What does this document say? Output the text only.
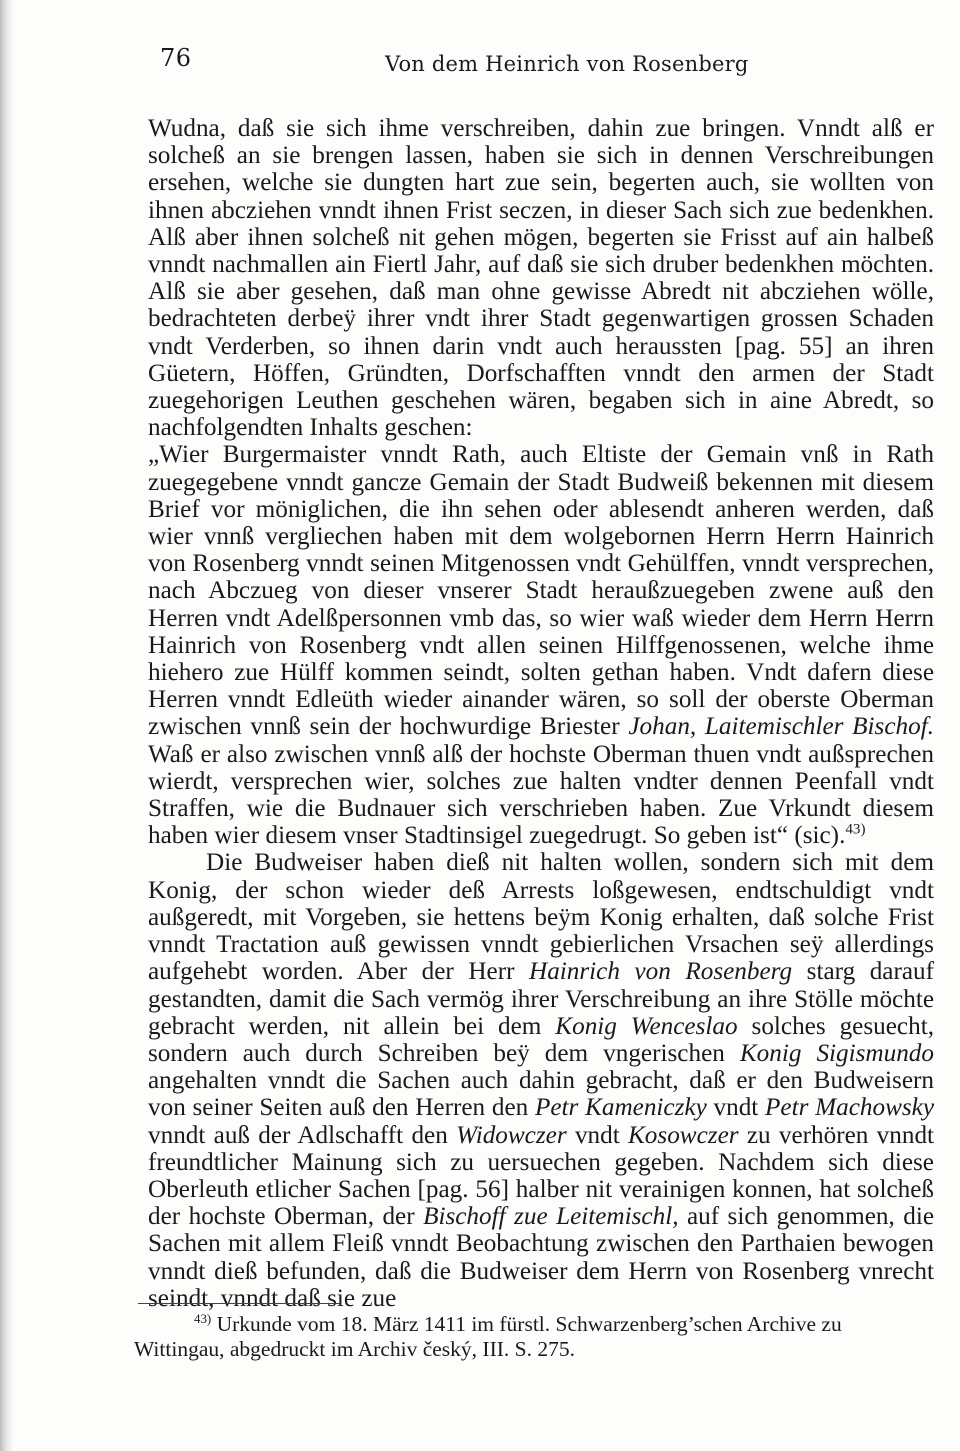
76	Von dem Heinrich von Rosenberg

Wudna, daß sie sich ihme verschreiben, dahin zue bringen. Vnndt alß er solcheß an sie brengen lassen, haben sie sich in dennen Verschreibungen ersehen, welche sie dungten hart zue sein, begerten auch, sie wollten von ihnen abcziehen vnndt ihnen Frist seczen, in dieser Sach sich zue bedenkhen. Alß aber ihnen solcheß nit gehen mögen, begerten sie Frisst auf ain halbeß vnndt nachmallen ain Fiertl Jahr, auf daß sie sich druber bedenkhen möchten. Alß sie aber gesehen, daß man ohne gewisse Abredt nit abcziehen wölle, bedrachteten derbeÿ ihrer vndt ihrer Stadt gegenwartigen grossen Schaden vndt Verderben, so ihnen darin vndt auch heraussten [pag. 55] an ihren Güetern, Höffen, Gründten, Dorfschafften vnndt den armen der Stadt zuegehorigen Leuthen geschehen wären, begaben sich in aine Abredt, so nachfolgendten Inhalts geschen:

„Wier Burgermaister vnndt Rath, auch Eltiste der Gemain vnß in Rath zuegegebene vnndt gancze Gemain der Stadt Budweiß bekennen mit diesem Brief vor möniglichen, die ihn sehen oder ablesendt anheren werden, daß wier vnnß vergliechen haben mit dem wolgebornen Herrn Herrn Hainrich von Rosenberg vnndt seinen Mitgenossen vndt Gehülffen, vnndt versprechen, nach Abczueg von dieser vnserer Stadt heraußzuegeben zwene auß den Herren vndt Adelßpersonnen vmb das, so wier waß wieder dem Herrn Herrn Hainrich von Rosenberg vndt allen seinen Hilffgenossenen, welche ihme hiehero zue Hülff kommen seindt, solten gethan haben. Vndt dafern diese Herren vnndt Edleüth wieder ainander wären, so soll der oberste Oberman zwischen vnnß sein der hochwurdige Briester Johan, Laitemischler Bischof. Waß er also zwischen vnnß alß der hochste Oberman thuen vndt außsprechen wierdt, versprechen wier, solches zue halten vndter dennen Peenfall vndt Straffen, wie die Budnauer sich verschrieben haben. Zue Vrkundt diesem haben wier diesem vnser Stadtinsigel zuegedrugt. So geben ist“ (sic).$^{43)}$

Die Budweiser haben dieß nit halten wollen, sondern sich mit dem Konig, der schon wieder deß Arrests loßgewesen, endtschuldigt vndt außgeredt, mit Vorgeben, sie hettens beÿm Konig erhalten, daß solche Frist vnndt Tractation auß gewissen vnndt gebierlichen Vrsachen seÿ allerdings aufgehebt worden. Aber der Herr Hainrich von Rosenberg starg darauf gestandten, damit die Sach vermög ihrer Verschreibung an ihre Stölle möchte gebracht werden, nit allein bei dem Konig Wenceslao solches gesuecht, sondern auch durch Schreiben beÿ dem vngerischen Konig Sigismundo angehalten vnndt die Sachen auch dahin gebracht, daß er den Budweisern von seiner Seiten auß den Herren den Petr Kameniczky vndt Petr Machowsky vnndt auß der Adlschafft den Widowczer vndt Kosowczer zu verhören vnndt freundtlicher Mainung sich zu uersuechen gegeben. Nachdem sich diese Oberleuth etlicher Sachen [pag. 56] halber nit verainigen konnen, hat solcheß der hochste Oberman, der Bischoff zue Leitemischl, auf sich genommen, die Sachen mit allem Fleiß vnndt Beobachtung zwischen den Parthaien bewogen vnndt dieß befunden, daß die Budweiser dem Herrn von Rosenberg vnrecht seindt, vnndt daß sie zue

$^{43)}$ Urkunde vom 18. März 1411 im fürstl. Schwarzenberg’schen Archive zu Wittingau, abgedruckt im Archiv český, III. S. 275.
